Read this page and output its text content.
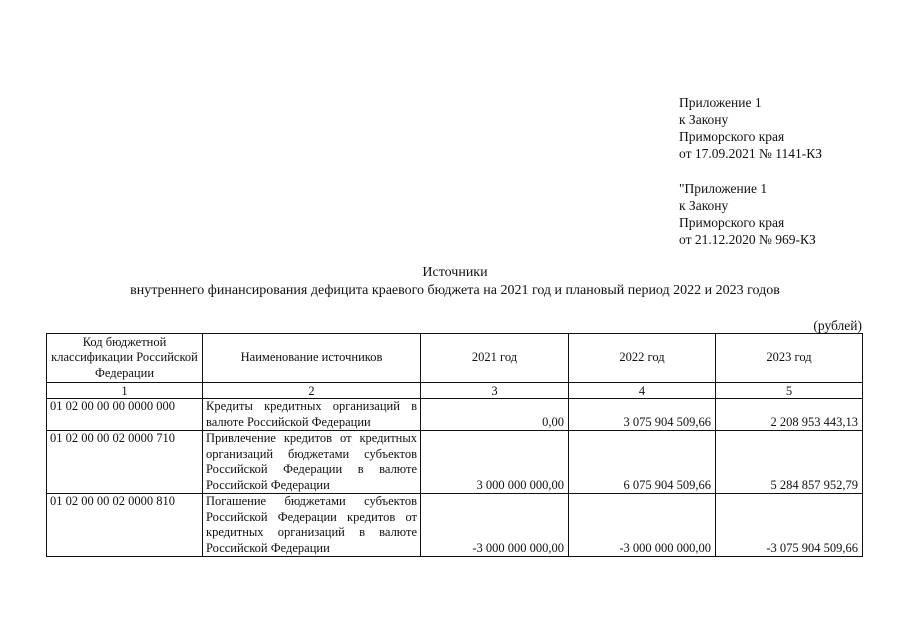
Приложение 1
к Закону
Приморского края
от 17.09.2021 № 1141-КЗ
"Приложение 1
к Закону
Приморского края
от 21.12.2020 № 969-КЗ
Источники
внутреннего финансирования дефицита краевого бюджета на 2021 год и плановый период 2022 и 2023 годов
(рублей)
Код бюджетной классификации Российской Федерации	Наименование источников	2021 год	2022 год	2023 год
1	2	3	4	5
01 02 00 00 00 0000 000	Кредиты кредитных организаций в валюте Российской Федерации	0,00	3 075 904 509,66	2 208 953 443,13
01 02 00 00 02 0000 710	Привлечение кредитов от кредитных организаций бюджетами субъектов Российской Федерации в валюте Российской Федерации	3 000 000 000,00	6 075 904 509,66	5 284 857 952,79
01 02 00 00 02 0000 810	Погашение бюджетами субъектов Российской Федерации кредитов от кредитных организаций в валюте Российской Федерации	-3 000 000 000,00	-3 000 000 000,00	-3 075 904 509,66
